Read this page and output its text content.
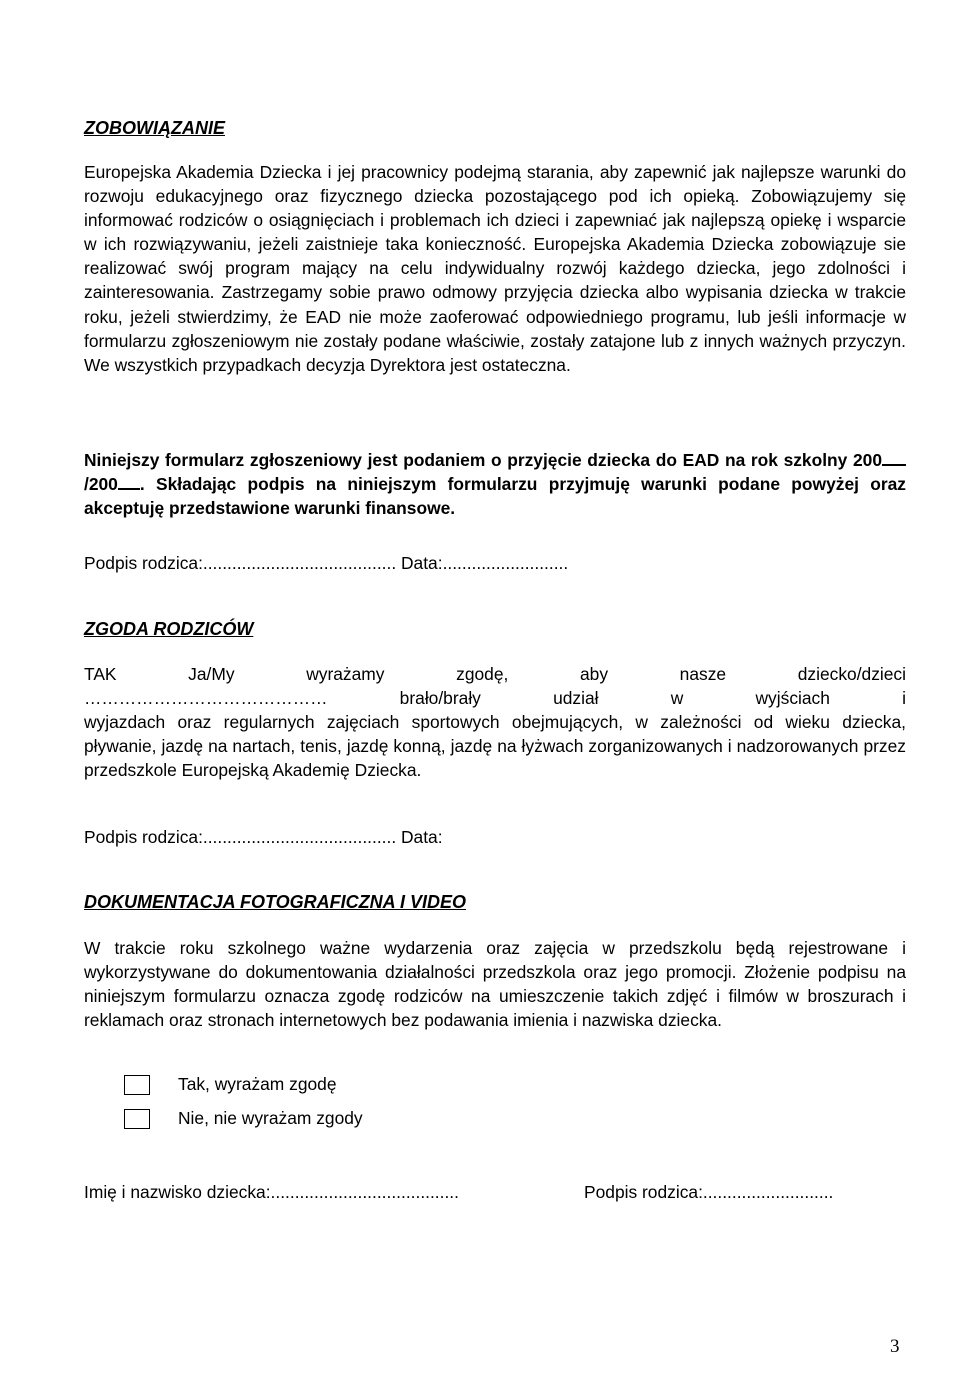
ZOBOWIĄZANIE

Europejska Akademia Dziecka i jej pracownicy podejmą starania, aby zapewnić jak najlepsze warunki do rozwoju edukacyjnego oraz fizycznego dziecka pozostającego pod ich opieką. Zobowiązujemy się informować rodziców o osiągnięciach i problemach ich dzieci i zapewniać jak najlepszą opiekę i wsparcie w ich rozwiązywaniu, jeżeli zaistnieje taka konieczność. Europejska Akademia Dziecka zobowiązuje sie realizować swój program mający na celu indywidualny rozwój każdego dziecka, jego zdolności i zainteresowania. Zastrzegamy sobie prawo odmowy przyjęcia dziecka albo wypisania dziecka w trakcie roku, jeżeli stwierdzimy, że EAD nie może zaoferować odpowiedniego programu, lub jeśli informacje w formularzu zgłoszeniowym nie zostały podane właściwie, zostały zatajone lub z innych ważnych przyczyn. We wszystkich przypadkach decyzja Dyrektora jest ostateczna.

Niniejszy formularz zgłoszeniowy jest podaniem o przyjęcie dziecka do EAD na rok szkolny 200/200 . Składając podpis na niniejszym formularzu przyjmuję warunki podane powyżej oraz akceptuję przedstawione warunki finansowe.

Podpis rodzica:........................................ Data:..........................

ZGODA RODZICÓW

TAK Ja/My wyrażamy zgodę, aby nasze dziecko/dzieci
…………………………………… brało/brały udział w wyjściach i
wyjazdach oraz regularnych zajęciach sportowych obejmujących, w zależności od wieku dziecka, pływanie, jazdę na nartach, tenis, jazdę konną, jazdę na łyżwach zorganizowanych i nadzorowanych przez przedszkole Europejską Akademię Dziecka.
Podpis rodzica:........................................ Data:

DOKUMENTACJA FOTOGRAFICZNA I VIDEO

W trakcie roku szkolnego ważne wydarzenia oraz zajęcia w przedszkolu będą rejestrowane i wykorzystywane do dokumentowania działalności przedszkola oraz jego promocji. Złożenie podpisu na niniejszym formularzu oznacza zgodę rodziców na umieszczenie takich zdjęć i filmów w broszurach i reklamach oraz stronach internetowych bez podawania imienia i nazwiska dziecka.

Tak, wyrażam zgodę
Nie, nie wyrażam zgody
Imię i nazwisko dziecka:.......................................	Podpis rodzica:...........................
3
